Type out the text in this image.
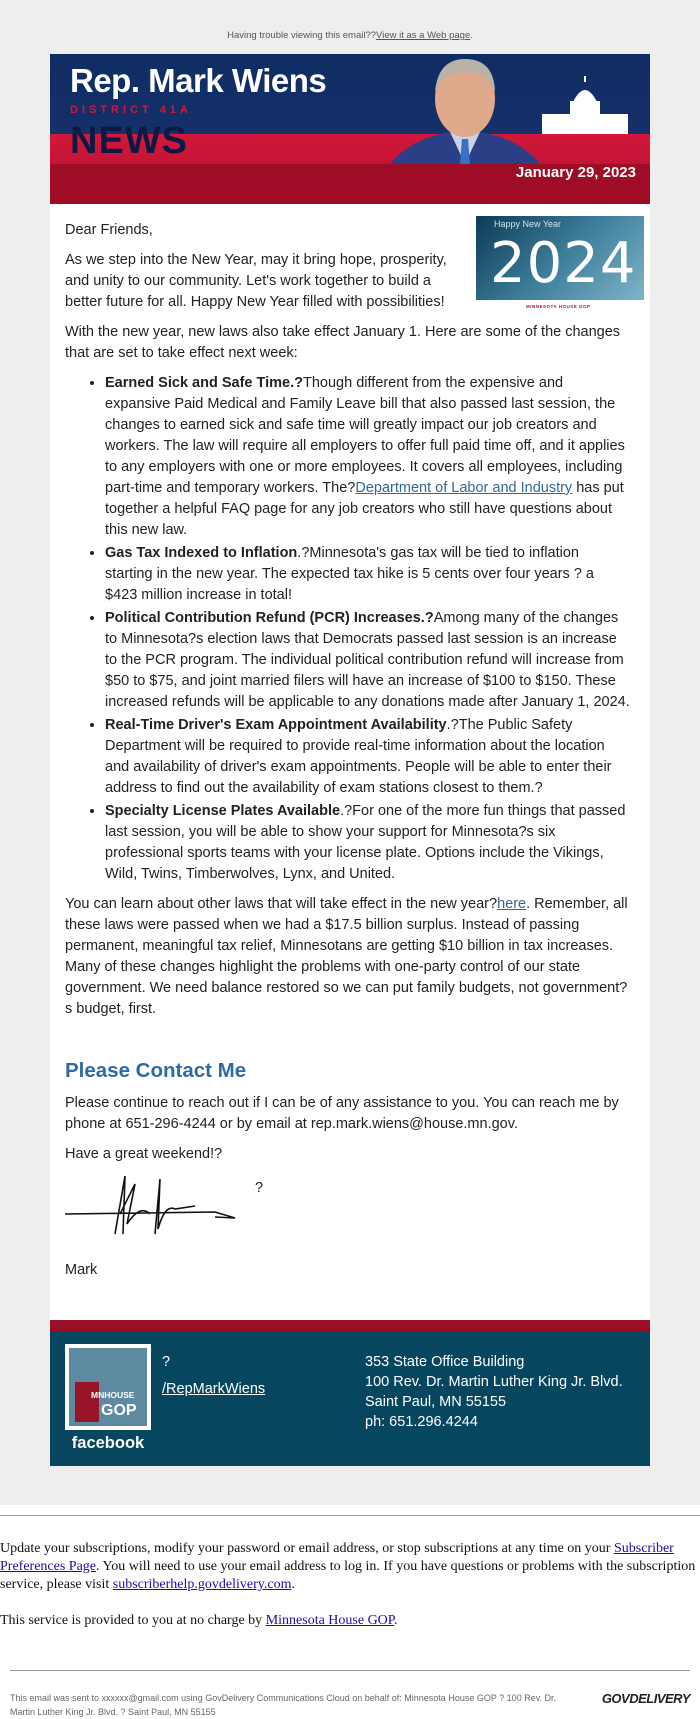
Having trouble viewing this email??View it as a Web page.
Rep. Mark Wiens
DISTRICT 41A
NEWS
January 29, 2023
Happy New Year
2024
MINNESOTA HOUSE GOP

Dear Friends,

As we step into the New Year, may it bring hope, prosperity, and unity to our community. Let's work together to build a better future for all. Happy New Year filled with possibilities!

With the new year, new laws also take effect January 1. Here are some of the changes that are set to take effect next week:

• Earned Sick and Safe Time.?Though different from the expensive and expansive Paid Medical and Family Leave bill that also passed last session, the changes to earned sick and safe time will greatly impact our job creators and workers. The law will require all employers to offer full paid time off, and it applies to any employers with one or more employees. It covers all employees, including part-time and temporary workers. The?Department of Labor and Industry has put together a helpful FAQ page for any job creators who still have questions about this new law.
• Gas Tax Indexed to Inflation.?Minnesota's gas tax will be tied to inflation starting in the new year. The expected tax hike is 5 cents over four years ? a $423 million increase in total!
• Political Contribution Refund (PCR) Increases.?Among many of the changes to Minnesota?s election laws that Democrats passed last session is an increase to the PCR program. The individual political contribution refund will increase from $50 to $75, and joint married filers will have an increase of $100 to $150. These increased refunds will be applicable to any donations made after January 1, 2024.
• Real-Time Driver's Exam Appointment Availability.?The Public Safety Department will be required to provide real-time information about the location and availability of driver's exam appointments. People will be able to enter their address to find out the availability of exam stations closest to them.?
• Specialty License Plates Available.?For one of the more fun things that passed last session, you will be able to show your support for Minnesota?s six professional sports teams with your license plate. Options include the Vikings, Wild, Twins, Timberwolves, Lynx, and United.

You can learn about other laws that will take effect in the new year?here. Remember, all these laws were passed when we had a $17.5 billion surplus. Instead of passing permanent, meaningful tax relief, Minnesotans are getting $10 billion in tax increases. Many of these changes highlight the problems with one-party control of our state government. We need balance restored so we can put family budgets, not government?s budget, first.

Please Contact Me

Please continue to reach out if I can be of any assistance to you. You can reach me by phone at 651-296-4244 or by email at rep.mark.wiens@house.mn.gov.

Have a great weekend!?

?

Mark

MNHOUSE
GOP
facebook
?
/RepMarkWiens
353 State Office Building
100 Rev. Dr. Martin Luther King Jr. Blvd.
Saint Paul, MN 55155
ph: 651.296.4244

Update your subscriptions, modify your password or email address, or stop subscriptions at any time on your Subscriber Preferences Page. You will need to use your email address to log in. If you have questions or problems with the subscription service, please visit subscriberhelp.govdelivery.com.

This service is provided to you at no charge by Minnesota House GOP.

This email was sent to xxxxxx@gmail.com using GovDelivery Communications Cloud on behalf of: Minnesota House GOP ? 100 Rev. Dr. Martin Luther King Jr. Blvd. ? Saint Paul, MN 55155
GOVDELIVERY
